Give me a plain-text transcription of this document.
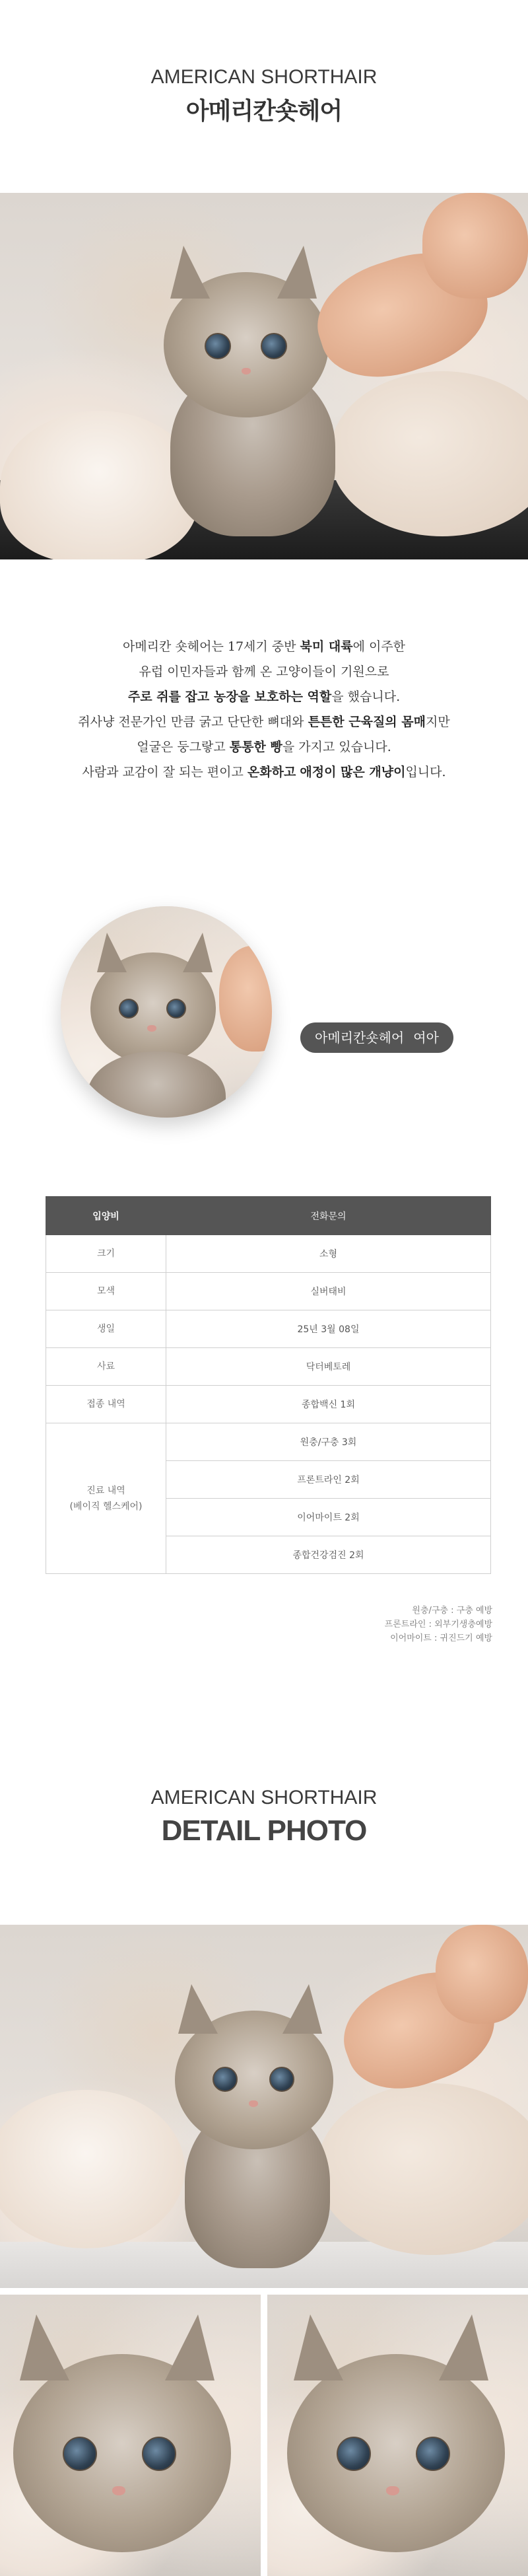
AMERICAN SHORTHAIR
아메리칸숏헤어

아메리칸 숏헤어는 17세기 중반 북미 대륙에 이주한

유럽 이민자들과 함께 온 고양이들이 기원으로

주로 쥐를 잡고 농장을 보호하는 역할을 했습니다.

쥐사냥 전문가인 만큼 굵고 단단한 뼈대와 튼튼한 근육질의 몸매지만

얼굴은 둥그랗고 통통한 빵을 가지고 있습니다.

사람과 교감이 잘 되는 편이고 온화하고 애정이 많은 개냥이입니다.

아메리칸숏헤어 여아
입양비	전화문의
크기	소형
모색	실버태비
생일	25년 3월 08일
사료	닥터베토레
접종 내역	종합백신 1회

진료 내역
(베이직 헬스케어)	원충/구충 3회
	프론트라인 2회
	이어마이트 2회
	종합건강검진 2회
원충/구충 : 구충 예방
프론트라인 : 외부기생충예방
이어마이트 : 귀진드기 예방
AMERICAN SHORTHAIR
DETAIL PHOTO
